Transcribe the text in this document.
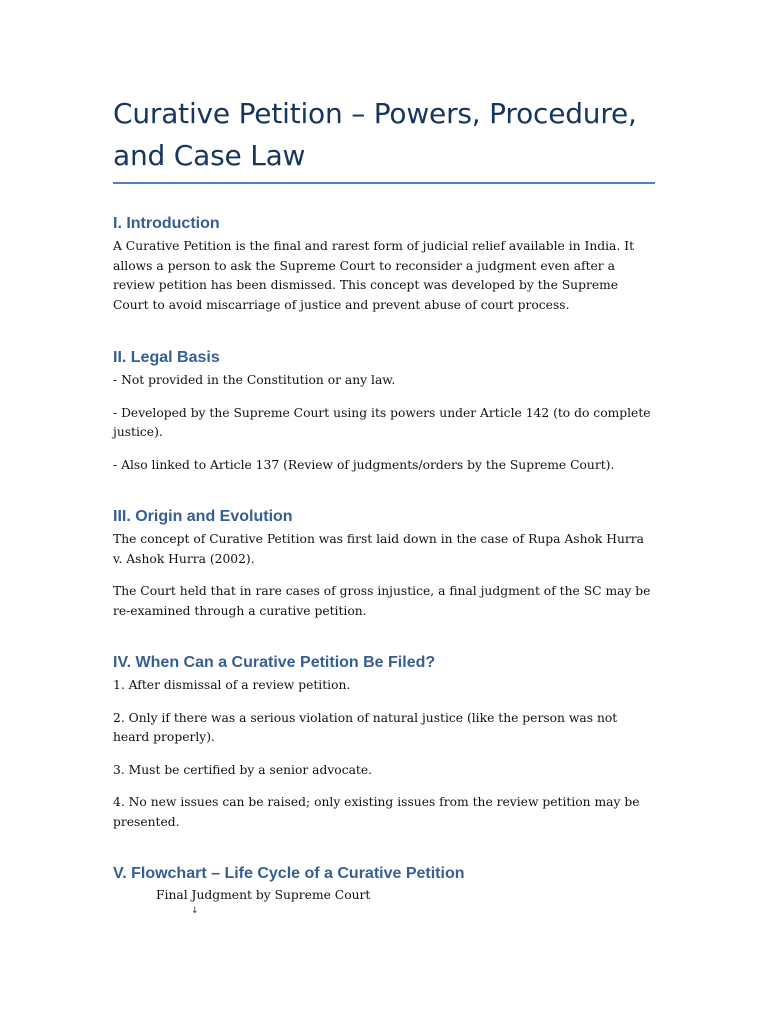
Curative Petition – Powers, Procedure, and Case Law
I. Introduction

A Curative Petition is the final and rarest form of judicial relief available in India. It allows a person to ask the Supreme Court to reconsider a judgment even after a review petition has been dismissed. This concept was developed by the Supreme Court to avoid miscarriage of justice and prevent abuse of court process.

II. Legal Basis

- Not provided in the Constitution or any law.

- Developed by the Supreme Court using its powers under Article 142 (to do complete justice).

- Also linked to Article 137 (Review of judgments/orders by the Supreme Court).

III. Origin and Evolution

The concept of Curative Petition was first laid down in the case of Rupa Ashok Hurra v. Ashok Hurra (2002).

The Court held that in rare cases of gross injustice, a final judgment of the SC may be re-examined through a curative petition.

IV. When Can a Curative Petition Be Filed?

1. After dismissal of a review petition.

2. Only if there was a serious violation of natural justice (like the person was not heard properly).

3. Must be certified by a senior advocate.

4. No new issues can be raised; only existing issues from the review petition may be presented.

V. Flowchart – Life Cycle of a Curative Petition
Final Judgment by Supreme Court
↓
